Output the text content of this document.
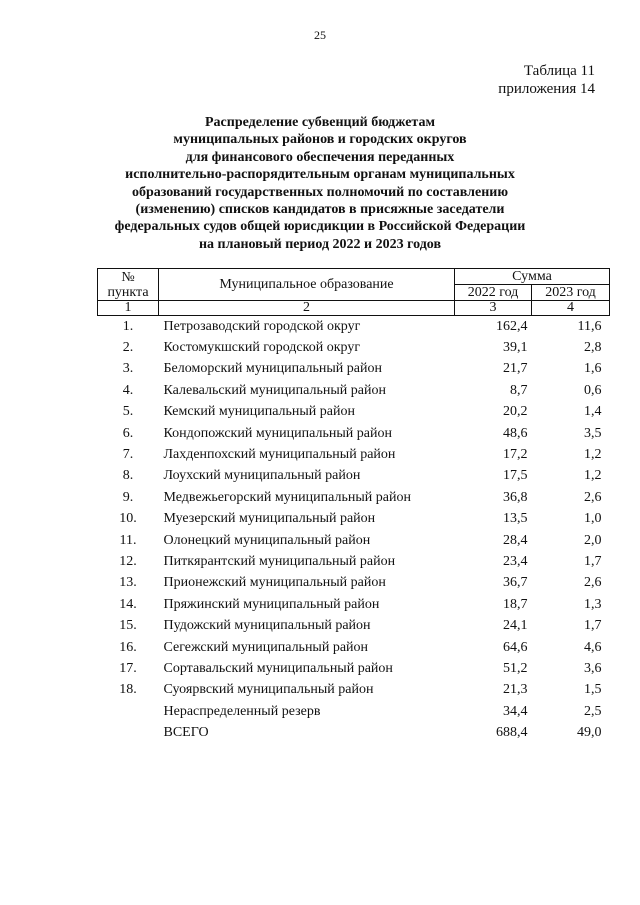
25
Таблица 11
приложения 14
Распределение субвенций бюджетам
муниципальных районов и городских округов
для финансового обеспечения переданных
исполнительно-распорядительным органам муниципальных
образований государственных полномочий по составлению
(изменению) списков кандидатов в присяжные заседатели
федеральных судов общей юрисдикции в Российской Федерации
на плановый период 2022 и 2023 годов
№
пункта	Муниципальное образование	Сумма	
		2022 год	2023 год
1	2	3	4
1.	Петрозаводский городской округ	162,4	11,6
2.	Костомукшский городской округ	39,1	2,8
3.	Беломорский муниципальный район	21,7	1,6
4.	Калевальский муниципальный район	8,7	0,6
5.	Кемский муниципальный район	20,2	1,4
6.	Кондопожский муниципальный район	48,6	3,5
7.	Лахденпохский муниципальный район	17,2	1,2
8.	Лоухский муниципальный район	17,5	1,2
9.	Медвежьегорский муниципальный район	36,8	2,6
10.	Муезерский муниципальный район	13,5	1,0
11.	Олонецкий муниципальный район	28,4	2,0
12.	Питкярантский муниципальный район	23,4	1,7
13.	Прионежский муниципальный район	36,7	2,6
14.	Пряжинский муниципальный район	18,7	1,3
15.	Пудожский муниципальный район	24,1	1,7
16.	Сегежский муниципальный район	64,6	4,6
17.	Сортавальский муниципальный район	51,2	3,6
18.	Суоярвский муниципальный район	21,3	1,5
	Нераспределенный резерв	34,4	2,5
	ВСЕГО	688,4	49,0
